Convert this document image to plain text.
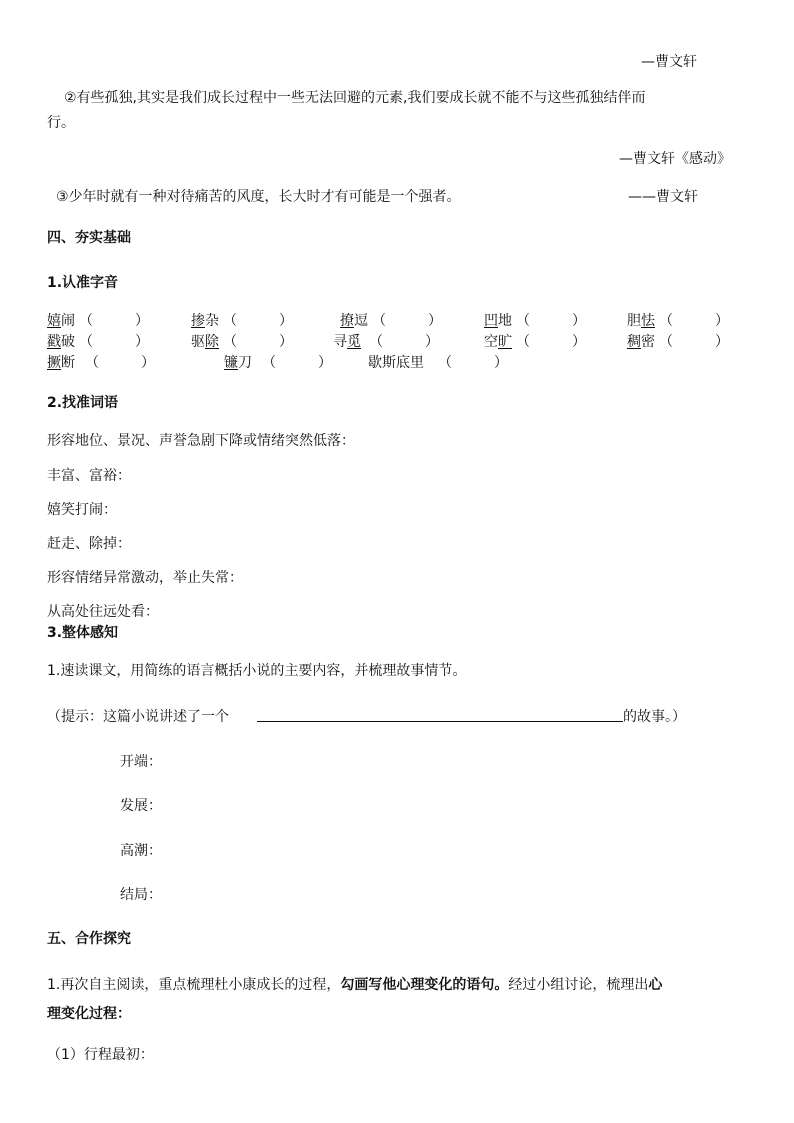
—曹文轩
②有些孤独,其实是我们成长过程中一些无法回避的元素,我们要成长就不能不与这些孤独结伴而
行。
—曹文轩《感动》
③少年时就有一种对待痛苦的风度，长大时才有可能是一个强者。	——曹文轩
四、夯实基础
1.认准字音
嬉闹 （　　　）	掺杂 （　　　）	撩逗 （　　　）	凹地 （　　　）	胆怯 （　　　）
戳破 （　　　）	驱除 （　　　）	寻觅 （　　　）	空旷 （　　　）	稠密 （　　　）
撅断 （　　　）	镰刀 （　　　）	歇斯底里 （　　　）
2.找准词语
形容地位、景况、声誉急剧下降或情绪突然低落：
丰富、富裕：
嬉笑打闹：
赶走、除掉：
形容情绪异常激动，举止失常：
从高处往远处看：
3.整体感知
1.速读课文，用简练的语言概括小说的主要内容，并梳理故事情节。
（提示：这篇小说讲述了一个	的故事。）
开端：
发展：
高潮：
结局：
五、合作探究
1.再次自主阅读，重点梳理杜小康成长的过程，勾画写他心理变化的语句。经过小组讨论，梳理出心
理变化过程：
（1）行程最初：
